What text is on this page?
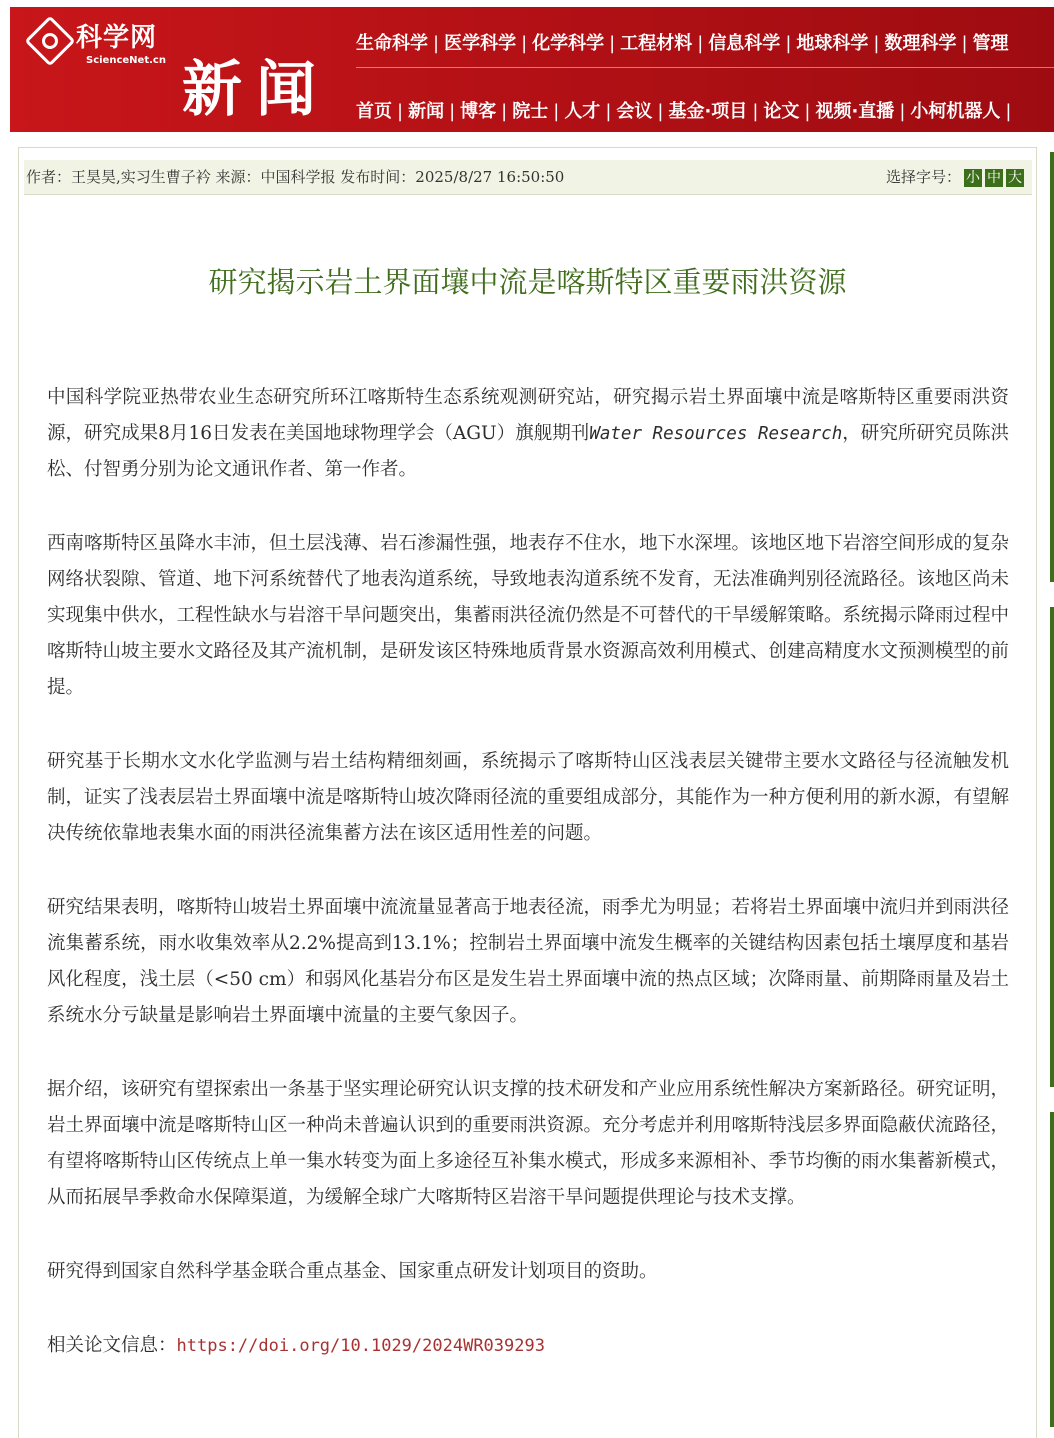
科学网
ScienceNet.cn 新闻
生命科学 | 医学科学 | 化学科学 | 工程材料 | 信息科学 | 地球科学 | 数理科学 | 管理
首页 | 新闻 | 博客 | 院士 | 人才 | 会议 | 基金·项目 | 论文 | 视频·直播 | 小柯机器人 |
作者：王昊昊,实习生曹子衿 来源：中国科学报 发布时间：2025/8/27 16:50:50	选择字号： 小 中 大
研究揭示岩土界面壤中流是喀斯特区重要雨洪资源

中国科学院亚热带农业生态研究所环江喀斯特生态系统观测研究站，研究揭示岩土界面壤中流是喀斯特区重要雨洪资源，研究成果8月16日发表在美国地球物理学会（AGU）旗舰期刊Water Resources Research，研究所研究员陈洪松、付智勇分别为论文通讯作者、第一作者。

西南喀斯特区虽降水丰沛，但土层浅薄、岩石渗漏性强，地表存不住水，地下水深埋。该地区地下岩溶空间形成的复杂网络状裂隙、管道、地下河系统替代了地表沟道系统，导致地表沟道系统不发育，无法准确判别径流路径。该地区尚未实现集中供水，工程性缺水与岩溶干旱问题突出，集蓄雨洪径流仍然是不可替代的干旱缓解策略。系统揭示降雨过程中喀斯特山坡主要水文路径及其产流机制，是研发该区特殊地质背景水资源高效利用模式、创建高精度水文预测模型的前提。

研究基于长期水文水化学监测与岩土结构精细刻画，系统揭示了喀斯特山区浅表层关键带主要水文路径与径流触发机制，证实了浅表层岩土界面壤中流是喀斯特山坡次降雨径流的重要组成部分，其能作为一种方便利用的新水源，有望解决传统依靠地表集水面的雨洪径流集蓄方法在该区适用性差的问题。

研究结果表明，喀斯特山坡岩土界面壤中流流量显著高于地表径流，雨季尤为明显；若将岩土界面壤中流归并到雨洪径流集蓄系统，雨水收集效率从2.2%提高到13.1%；控制岩土界面壤中流发生概率的关键结构因素包括土壤厚度和基岩风化程度，浅土层（<50 cm）和弱风化基岩分布区是发生岩土界面壤中流的热点区域；次降雨量、前期降雨量及岩土系统水分亏缺量是影响岩土界面壤中流量的主要气象因子。

据介绍，该研究有望探索出一条基于坚实理论研究认识支撑的技术研发和产业应用系统性解决方案新路径。研究证明，岩土界面壤中流是喀斯特山区一种尚未普遍认识到的重要雨洪资源。充分考虑并利用喀斯特浅层多界面隐蔽伏流路径，有望将喀斯特山区传统点上单一集水转变为面上多途径互补集水模式，形成多来源相补、季节均衡的雨水集蓄新模式，从而拓展旱季救命水保障渠道，为缓解全球广大喀斯特区岩溶干旱问题提供理论与技术支撑。

研究得到国家自然科学基金联合重点基金、国家重点研发计划项目的资助。

相关论文信息：https://doi.org/10.1029/2024WR039293
